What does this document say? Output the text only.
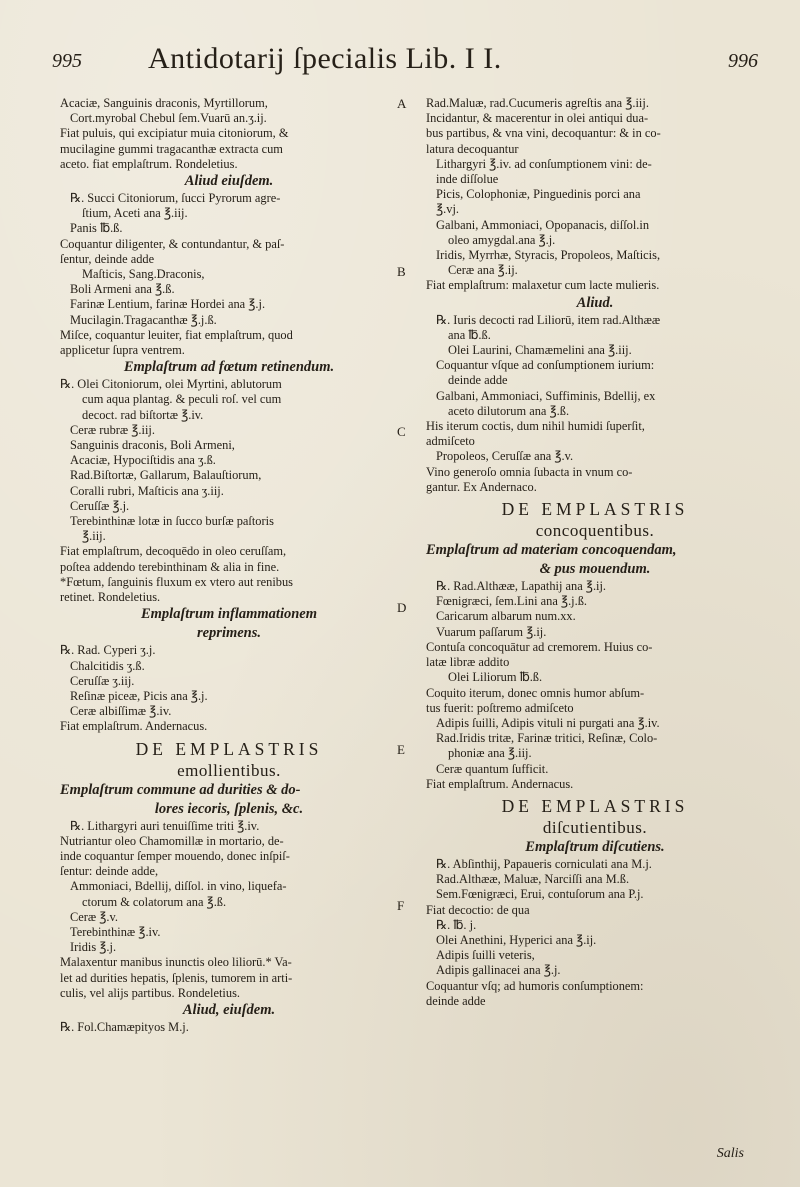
995 Antidotarij ſpecialis Lib. I I.	996

Acaciæ, Sanguinis draconis, Myrtillorum,

Cort.myrobal Chebul ſem.Vuarū an.ʒ.ij.

Fiat puluis, qui excipiatur muia citoniorum, &

mucilagine gummi tragacanthæ extracta cum

aceto. fiat emplaſtrum. Rondeletius.

Aliud eiuſdem.

℞. Succi Citoniorum, ſucci Pyrorum agre-

ſtium, Aceti ana ℥.iij.

Panis ℔.ß.

Coquantur diligenter, & contundantur, & paſ-

ſentur, deinde adde

Maſticis, Sang.Draconis,

Boli Armeni ana ℥.ß.

Farinæ Lentium, farinæ Hordei ana ℥.j.

Mucilagin.Tragacanthæ ℥.j.ß.

Miſce, coquantur leuiter, fiat emplaſtrum, quod

applicetur ſupra ventrem.

Emplaſtrum ad fœtum retinendum.

℞. Olei Citoniorum, olei Myrtini, ablutorum

cum aqua plantag. & peculi roſ. vel cum

decoct. rad biſtortæ ℥.iv.

Ceræ rubræ ℥.iij.

Sanguinis draconis, Boli Armeni,

Acaciæ, Hypociſtidis ana ʒ.ß.

Rad.Biſtortæ, Gallarum, Balauſtiorum,

Coralli rubri, Maſticis ana ʒ.iij.

Ceruſſæ ℥.j.

Terebinthinæ lotæ in ſucco burſæ paſtoris

℥.iij.

Fiat emplaſtrum, decoquēdo in oleo ceruſſam,

poſtea addendo terebinthinam & alia in fine.

*Fœtum, ſanguinis fluxum ex vtero aut renibus

retinet. Rondeletius.

Emplaſtrum inflammationem

reprimens.

℞. Rad. Cyperi ʒ.j.

Chalcitidis ʒ.ß.

Ceruſſæ ʒ.iij.

Reſinæ piceæ, Picis ana ℥.j.

Ceræ albiſſimæ ℥.iv.

Fiat emplaſtrum. Andernacus.

DE EMPLASTRIS

emollientibus.

Emplaſtrum commune ad durities & do-

lores iecoris, ſplenis, &c.

℞. Lithargyri auri tenuiſſime triti ℥.iv.

Nutriantur oleo Chamomillæ in mortario, de-

inde coquantur ſemper mouendo, donec inſpiſ-

ſentur: deinde adde,

Ammoniaci, Bdellij, diſſol. in vino, liquefa-

ctorum & colatorum ana ℥.ß.

Ceræ ℥.v.

Terebinthinæ ℥.iv.

Iridis ℥.j.

Malaxentur manibus inunctis oleo liliorū.* Va-

let ad durities hepatis, ſplenis, tumorem in arti-

culis, vel alijs partibus. Rondeletius.

Aliud, eiuſdem.

℞. Fol.Chamæpityos M.j.

Rad.Maluæ, rad.Cucumeris agreſtis ana ℥.iij.

Incidantur, & macerentur in olei antiqui dua-

bus partibus, & vna vini, decoquantur: & in co-

latura decoquantur

Lithargyri ℥.iv. ad conſumptionem vini: de-

inde diſſolue

Picis, Colophoniæ, Pinguedinis porci ana

℥.vj.

Galbani, Ammoniaci, Opopanacis, diſſol.in

oleo amygdal.ana ℥.j.

Iridis, Myrrhæ, Styracis, Propoleos, Maſticis,

Ceræ ana ℥.ij.

Fiat emplaſtrum: malaxetur cum lacte mulieris.

Aliud.

℞. Iuris decocti rad Liliorū, item rad.Althææ

ana ℔.ß.

Olei Laurini, Chamæmelini ana ℥.iij.

Coquantur vſque ad conſumptionem iurium:

deinde adde

Galbani, Ammoniaci, Suffiminis, Bdellij, ex

aceto dilutorum ana ℥.ß.

His iterum coctis, dum nihil humidi ſuperſit,

admiſceto

Propoleos, Ceruſſæ ana ℥.v.

Vino generoſo omnia ſubacta in vnum co-

gantur. Ex Andernaco.

DE EMPLASTRIS

concoquentibus.

Emplaſtrum ad materiam concoquendam,

& pus mouendum.

℞. Rad.Althææ, Lapathij ana ℥.ij.

Fœnigræci, ſem.Lini ana ℥.j.ß.

Caricarum albarum num.xx.

Vuarum paſſarum ℥.ij.

Contuſa concoquātur ad cremorem. Huius co-

latæ libræ addito

Olei Liliorum ℔.ß.

Coquito iterum, donec omnis humor abſum-

tus fuerit: poſtremo admiſceto

Adipis ſuilli, Adipis vituli ni purgati ana ℥.iv.

Rad.Iridis tritæ, Farinæ tritici, Reſinæ, Colo-

phoniæ ana ℥.iij.

Ceræ quantum ſufficit.

Fiat emplaſtrum. Andernacus.

DE EMPLASTRIS

diſcutientibus.

Emplaſtrum diſcutiens.

℞. Abſinthij, Papaueris corniculati ana M.j.

Rad.Althææ, Maluæ, Narciſſi ana M.ß.

Sem.Fœnigræci, Erui, contuſorum ana P.j.

Fiat decoctio: de qua

℞. ℔. j.

Olei Anethini, Hyperici ana ℥.ij.

Adipis ſuilli veteris,

Adipis gallinacei ana ℥.j.

Coquantur vſq; ad humoris conſumptionem:

deinde adde

A
B
C
D
E
F
Salis
